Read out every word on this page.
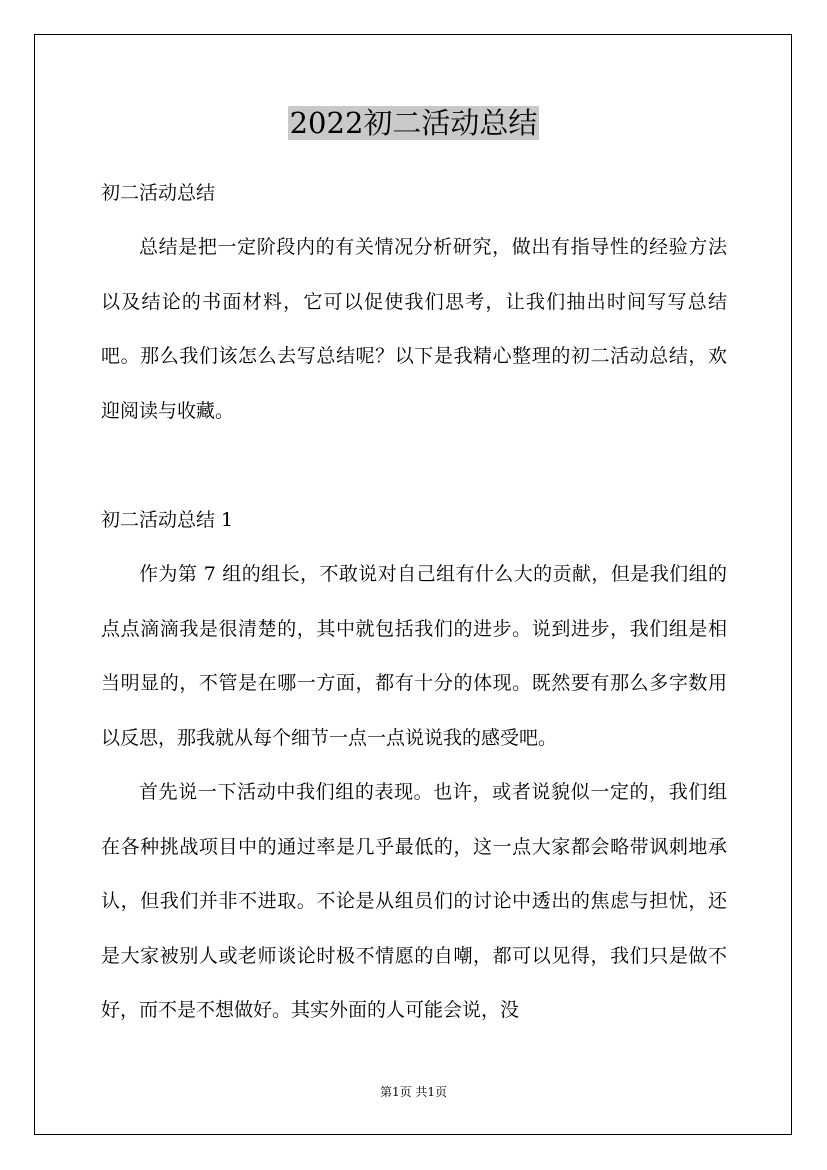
2022初二活动总结
初二活动总结

总结是把一定阶段内的有关情况分析研究，做出有指导性的经验方法以及结论的书面材料，它可以促使我们思考，让我们抽出时间写写总结吧。那么我们该怎么去写总结呢？以下是我精心整理的初二活动总结，欢迎阅读与收藏。

初二活动总结 1

作为第 7 组的组长，不敢说对自己组有什么大的贡献，但是我们组的点点滴滴我是很清楚的，其中就包括我们的进步。说到进步，我们组是相当明显的，不管是在哪一方面，都有十分的体现。既然要有那么多字数用以反思，那我就从每个细节一点一点说说我的感受吧。

首先说一下活动中我们组的表现。也许，或者说貌似一定的，我们组在各种挑战项目中的通过率是几乎最低的，这一点大家都会略带讽刺地承认，但我们并非不进取。不论是从组员们的讨论中透出的焦虑与担忧，还是大家被别人或老师谈论时极不情愿的自嘲，都可以见得，我们只是做不好，而不是不想做好。其实外面的人可能会说，没

第1页 共1页
